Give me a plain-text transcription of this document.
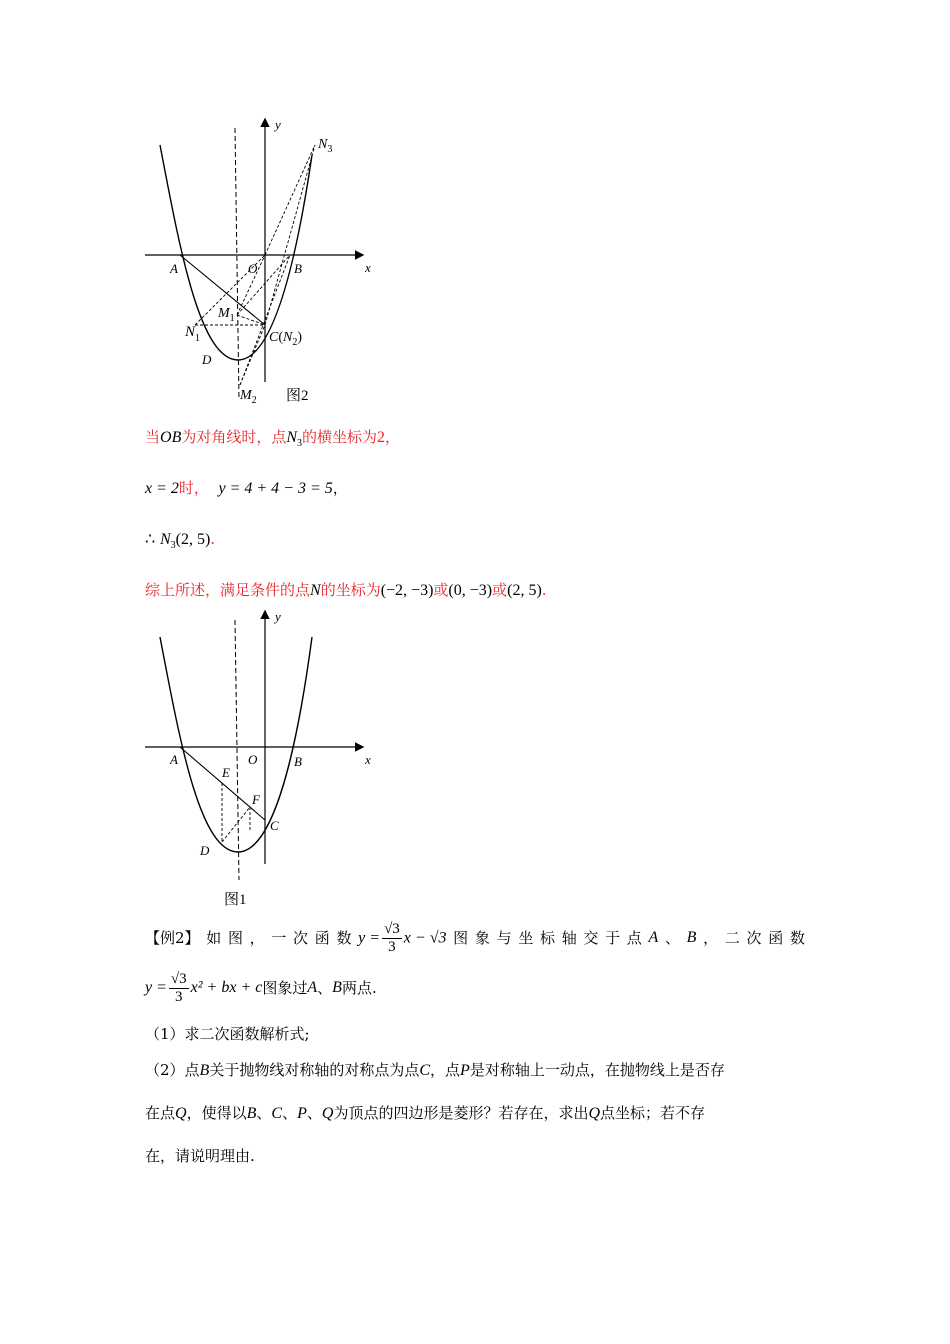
y
x
A	O	B
$M_1$
$N_1$	$C(N_2)$
D
$M_2$
$N_3$
图2
当OB为对角线时，点$N_3$的横坐标为2，
x = 2时， y = 4 + 4 − 3 = 5，
∴ $N_3(2$, 5).
综上所述，满足条件的点N的坐标为(−2, −3)或(0, −3)或(2, 5).
y
x
A	O	B
E
F
C
D
图1
【例2】 如 图 ， 一 次 函 数 $y = \frac{√3}{3}$ x − √3 图 象 与 坐 标 轴 交 于 点 A 、 B ， 二 次 函 数
$y = \frac{√3}{3} x^2$ + bx + c 图象过 A 、 B 两点.
（1）求二次函数解析式;
（2）点B关于抛物线对称轴的对称点为点C，点P是对称轴上一动点，在抛物线上是否存
在点Q，使得以B、C、P、Q为顶点的四边形是菱形？若存在，求出Q点坐标；若不存
在，请说明理由.
